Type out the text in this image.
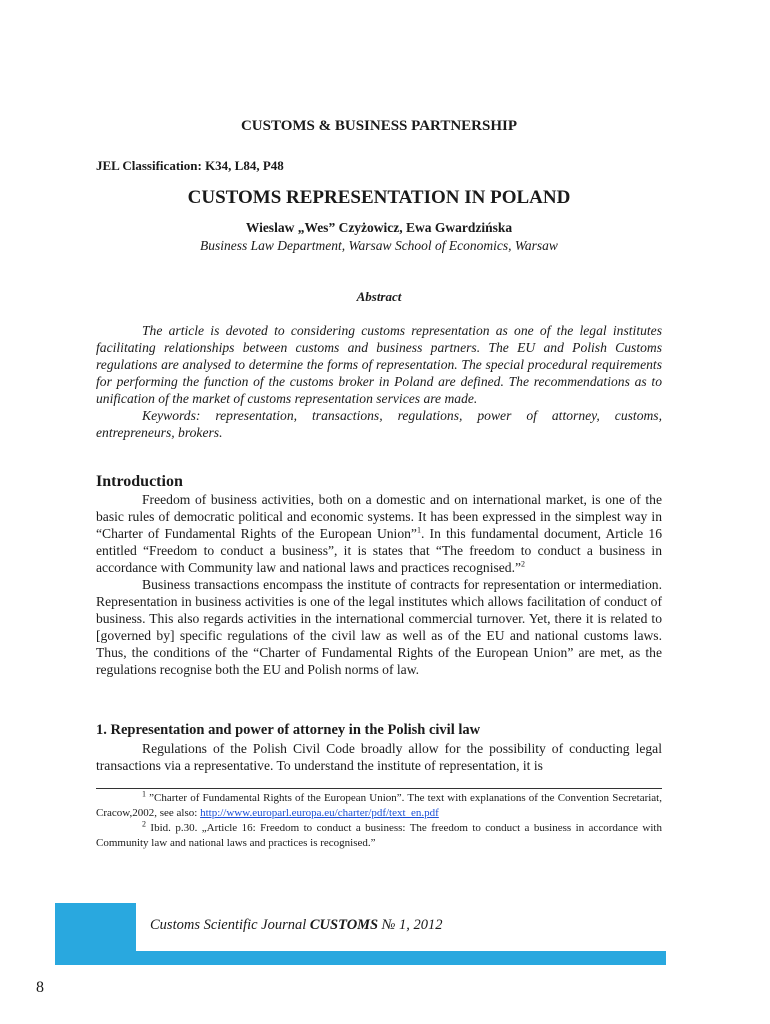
CUSTOMS & BUSINESS PARTNERSHIP
JEL Classification: K34, L84, P48
CUSTOMS REPRESENTATION IN POLAND
Wieslaw „Wes” Czyżowicz, Ewa Gwardzińska
Business Law Department, Warsaw School of Economics, Warsaw
Abstract

The article is devoted to considering customs representation as one of the legal institutes facilitating relationships between customs and business partners. The EU and Polish Customs regulations are analysed to determine the forms of representation. The special procedural requirements for performing the function of the customs broker in Poland are defined. The recommendations as to unification of the market of customs representation services are made.

Keywords: representation, transactions, regulations, power of attorney, customs, entrepreneurs, brokers.

Introduction

Freedom of business activities, both on a domestic and on international market, is one of the basic rules of democratic political and economic systems. It has been expressed in the simplest way in “Charter of Fundamental Rights of the European Union”$^1$. In this fundamental document, Article 16 entitled “Freedom to conduct a business”, it is states that “The freedom to conduct a business in accordance with Community law and national laws and practices recognised.”$^2$

Business transactions encompass the institute of contracts for representation or intermediation. Representation in business activities is one of the legal institutes which allows facilitation of conduct of business. This also regards activities in the international commercial turnover. Yet, there it is related to [governed by] specific regulations of the civil law as well as of the EU and national customs laws. Thus, the conditions of the “Charter of Fundamental Rights of the European Union” are met, as the regulations recognise both the EU and Polish norms of law.

1. Representation and power of attorney in the Polish civil law

Regulations of the Polish Civil Code broadly allow for the possibility of conducting legal transactions via a representative. To understand the institute of representation, it is

$^1$ ”Charter of Fundamental Rights of the European Union”. The text with explanations of the Convention Secretariat, Cracow,2002, see also: http://www.europarl.europa.eu/charter/pdf/text_en.pdf

$^2$ Ibid. p.30. „Article 16: Freedom to conduct a business: The freedom to conduct a business in accordance with Community law and national laws and practices is recognised.”

Customs Scientific Journal CUSTOMS № 1, 2012
8
